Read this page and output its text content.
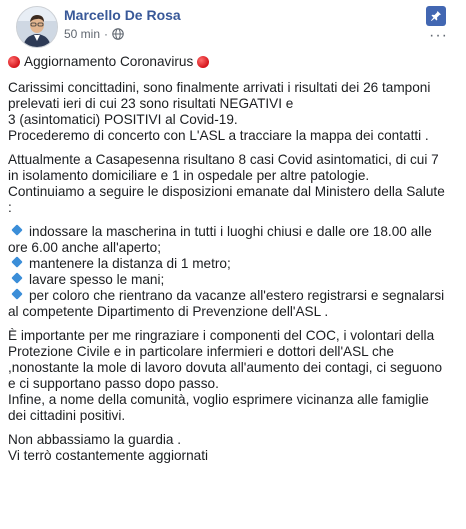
Marcello De Rosa
50 min ·	···

Aggiornamento Coronavirus

Carissimi concittadini, sono finalmente arrivati i risultati dei 26 tamponi
prelevati ieri di cui 23 sono risultati NEGATIVI e
3 (asintomatici) POSITIVI al Covid-19.
Procederemo di concerto con L'ASL a tracciare la mappa dei contatti .

Attualmente a Casapesenna risultano 8 casi Covid asintomatici, di cui 7
in isolamento domiciliare e 1 in ospedale per altre patologie.
Continuiamo a seguire le disposizioni emanate dal Ministero della Salute
:

indossare la mascherina in tutti i luoghi chiusi e dalle ore 18.00 alle
ore 6.00 anche all'aperto;
mantenere la distanza di 1 metro;
lavare spesso le mani;
per coloro che rientrano da vacanze all'estero registrarsi e segnalarsi
al competente Dipartimento di Prevenzione dell'ASL .

È importante per me ringraziare i componenti del COC, i volontari della
Protezione Civile e in particolare infermieri e dottori dell'ASL che
,nonostante la mole di lavoro dovuta all'aumento dei contagi, ci seguono
e ci supportano passo dopo passo.
Infine, a nome della comunità, voglio esprimere vicinanza alle famiglie
dei cittadini positivi.

Non abbassiamo la guardia .
Vi terrò costantemente aggiornati
